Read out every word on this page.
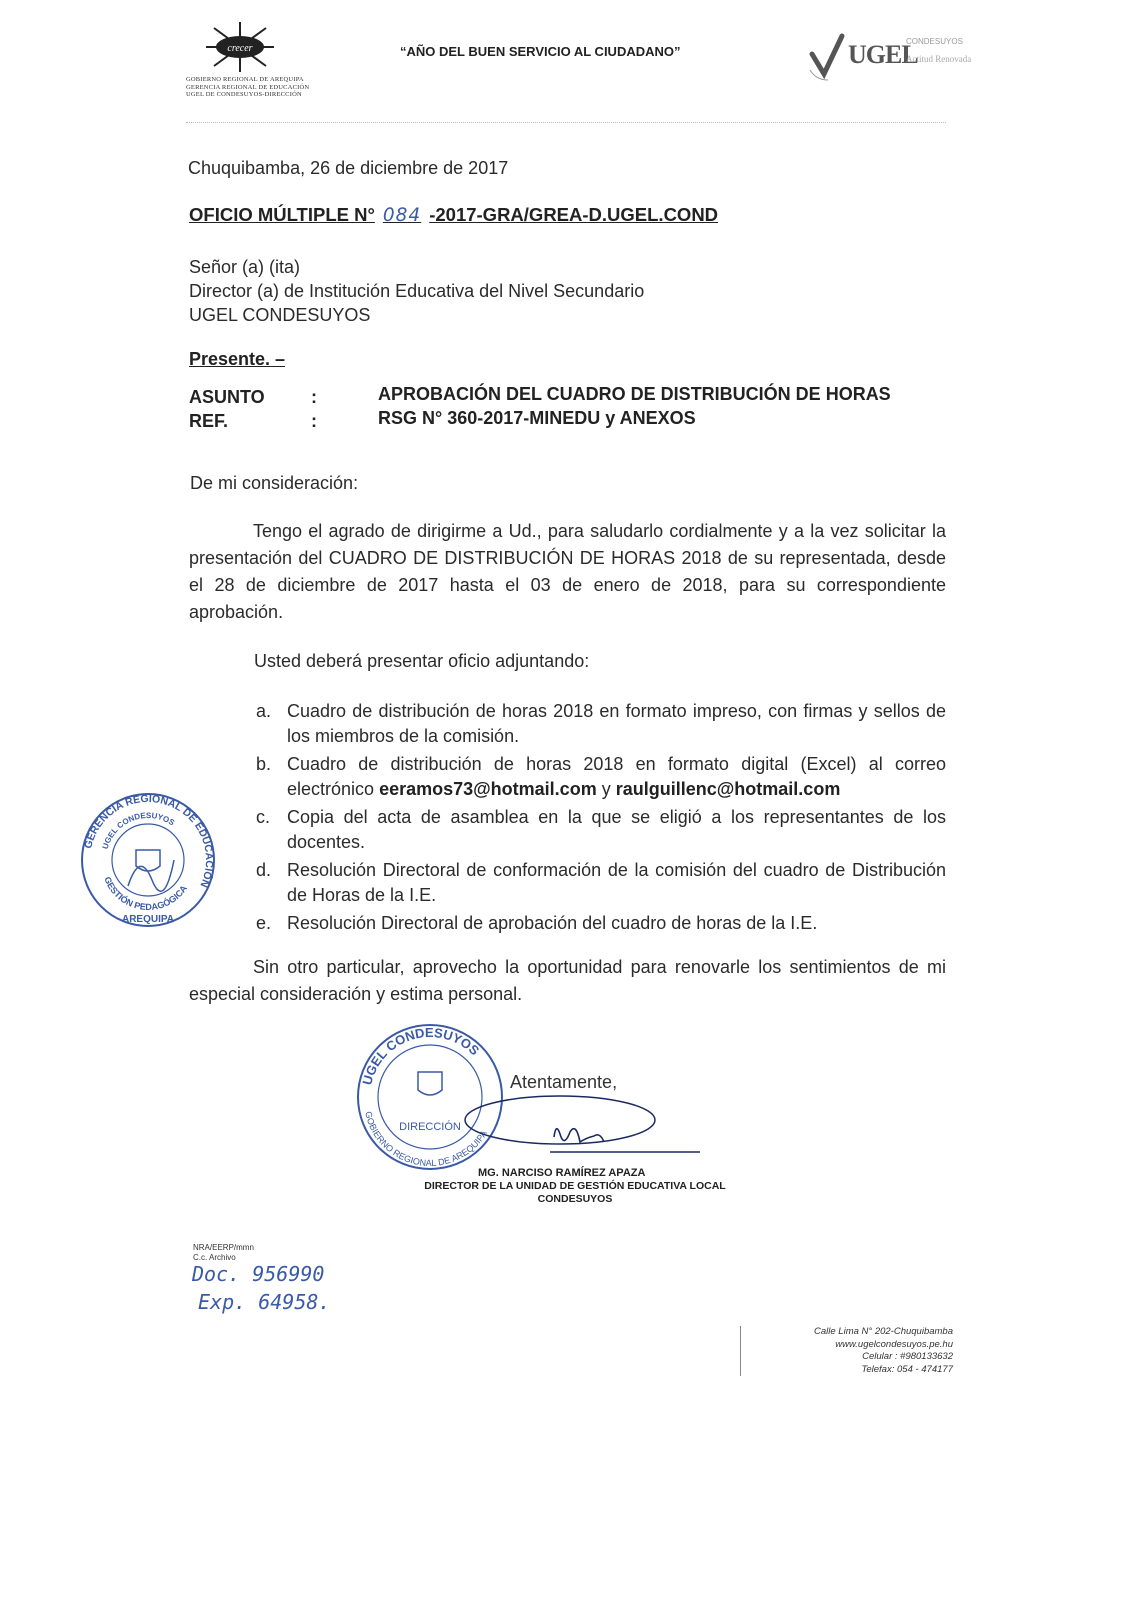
crecer
GOBIERNO REGIONAL DE AREQUIPA
GERENCIA REGIONAL DE EDUCACIÓN
UGEL DE CONDESUYOS-DIRECCIÓN
“AÑO DEL BUEN SERVICIO AL CIUDADANO”	UGEL
CONDESUYOS
Actitud Renovada
Chuquibamba, 26 de diciembre de 2017
OFICIO MÚLTIPLE N° 084 -2017-GRA/GREA-D.UGEL.COND
Señor (a) (ita)
Director (a) de Institución Educativa del Nivel Secundario
UGEL CONDESUYOS
Presente. –
ASUNTO	:	APROBACIÓN DEL CUADRO DE DISTRIBUCIÓN DE HORAS
REF.	:	RSG N° 360-2017-MINEDU y ANEXOS
De mi consideración:
Tengo el agrado de dirigirme a Ud., para saludarlo cordialmente y a la vez solicitar la presentación del CUADRO DE DISTRIBUCIÓN DE HORAS 2018 de su representada, desde el 28 de diciembre de 2017 hasta el 03 de enero de 2018, para su correspondiente aprobación.
Usted deberá presentar oficio adjuntando:
a. Cuadro de distribución de horas 2018 en formato impreso, con firmas y sellos de los miembros de la comisión.
b. Cuadro de distribución de horas 2018 en formato digital (Excel) al correo electrónico eeramos73@hotmail.com y raulguillenc@hotmail.com
c. Copia del acta de asamblea en la que se eligió a los representantes de los docentes.
d. Resolución Directoral de conformación de la comisión del cuadro de Distribución de Horas de la I.E.
e. Resolución Directoral de aprobación del cuadro de horas de la I.E.
Sin otro particular, aprovecho la oportunidad para renovarle los sentimientos de mi especial consideración y estima personal.
GERENCIA REGIONAL DE EDUCACIÓN
UGEL CONDESUYOS
GESTIÓN PEDAGÓGICA
AREQUIPA
UGEL CONDESUYOS
GOBIERNO REGIONAL DE AREQUIPA
DIRECCIÓN
Atentamente,
MG. NARCISO RAMÍREZ APAZA
DIRECTOR DE LA UNIDAD DE GESTIÓN EDUCATIVA LOCAL
CONDESUYOS
NRA/EERP/mmn
C.c. Archivo
Doc. 956990
Exp. 64958.
Calle Lima N° 202-Chuquibamba
www.ugelcondesuyos.pe.hu
Celular : #980133632
Telefax: 054 - 474177
